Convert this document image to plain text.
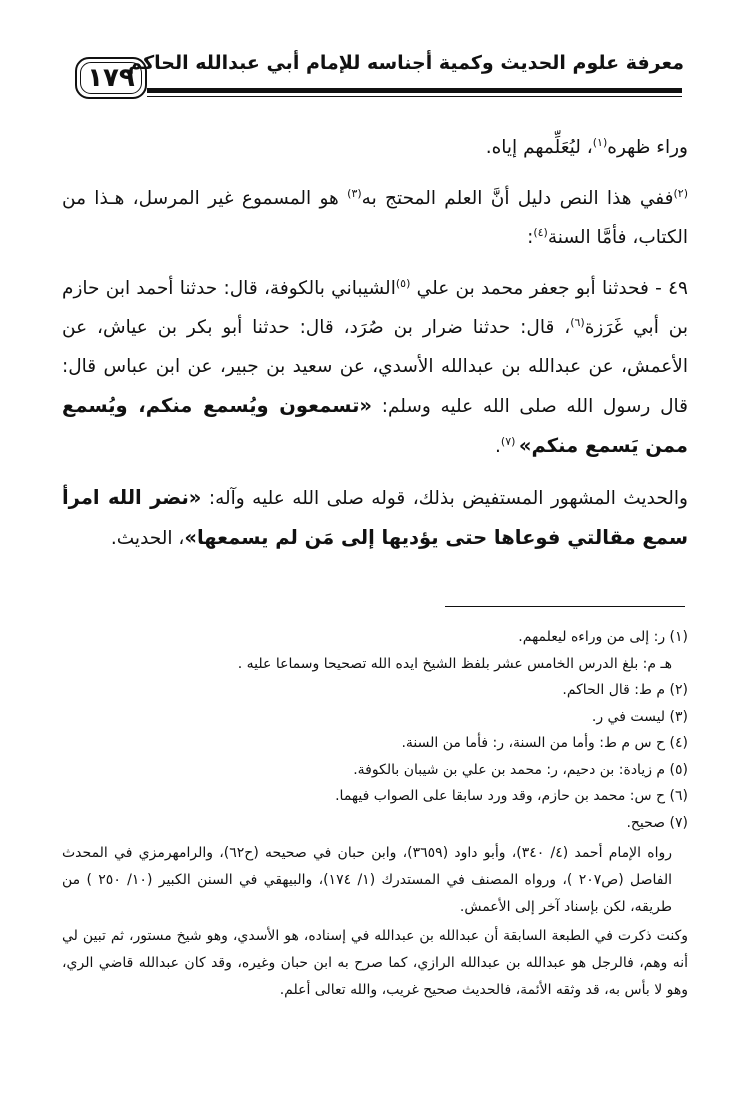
١٧٩
معرفة علوم الحديث وكمية أجناسه للإمام أبي عبدالله الحاكم

وراء ظهره$^{(١)}$، ليُعَلِّمهم إياه.

$^{(٢)}$ففي هذا النص دليل أنَّ العلم المحتج به$^{(٣)}$ هو المسموع غير المرسل، هـذا من الكتاب، فأمَّا السنة$^{(٤)}$:

٤٩ - فحدثنا أبو جعفر محمد بن علي $^{(٥)}$الشيباني بالكوفة، قال: حدثنا أحمد ابن حازم بن أبي غَرَزة$^{(٦)}$، قال: حدثنا ضرار بن صُرَد، قال: حدثنا أبو بكر بن عياش، عن الأعمش، عن عبدالله بن عبدالله الأسدي، عن سعيد بن جبير، عن ابن عباس قال: قال رسول الله صلى الله عليه وسلم: «تسمعون ويُسمع منكم، ويُسمع ممن يَسمع منكم» $^{(٧)}$.

والحديث المشهور المستفيض بذلك، قوله صلى الله عليه وآله: «نضر الله امرأ سمع مقالتي فوعاها حتى يؤديها إلى مَن لم يسمعها»، الحديث.

(١) ر: إلى من وراءه ليعلمهم.

هـ م: بلغ الدرس الخامس عشر بلفظ الشيخ ايده الله تصحيحا وسماعا عليه .

(٢) م ط: قال الحاكم.

(٣) ليست في ر.

(٤) ح س م ط: وأما من السنة، ر: فأما من السنة.

(٥) م زيادة: بن دحيم، ر: محمد بن علي بن شيبان بالكوفة.

(٦) ح س: محمد بن حازم، وقد ورد سابقا على الصواب فيهما.

(٧) صحيح.

رواه الإمام أحمد (٤/ ٣٤٠)، وأبو داود (٣٦٥٩)، وابن حبان في صحيحه (ح٦٢)، والرامهرمزي في المحدث الفاصل (ص٢٠٧ )، ورواه المصنف في المستدرك (١/ ١٧٤)، والبيهقي في السنن الكبير (١٠/ ٢٥٠ ) من طريقه، لكن بإسناد آخر إلى الأعمش.

وكنت ذكرت في الطبعة السابقة أن عبدالله بن عبدالله في إسناده، هو الأسدي، وهو شيخ مستور، ثم تبين لي أنه وهم، فالرجل هو عبدالله بن عبدالله الرازي، كما صرح به ابن حبان وغيره، وقد كان عبدالله قاضي الري، وهو لا بأس به، قد وثقه الأئمة، فالحديث صحيح غريب، والله تعالى أعلم.
